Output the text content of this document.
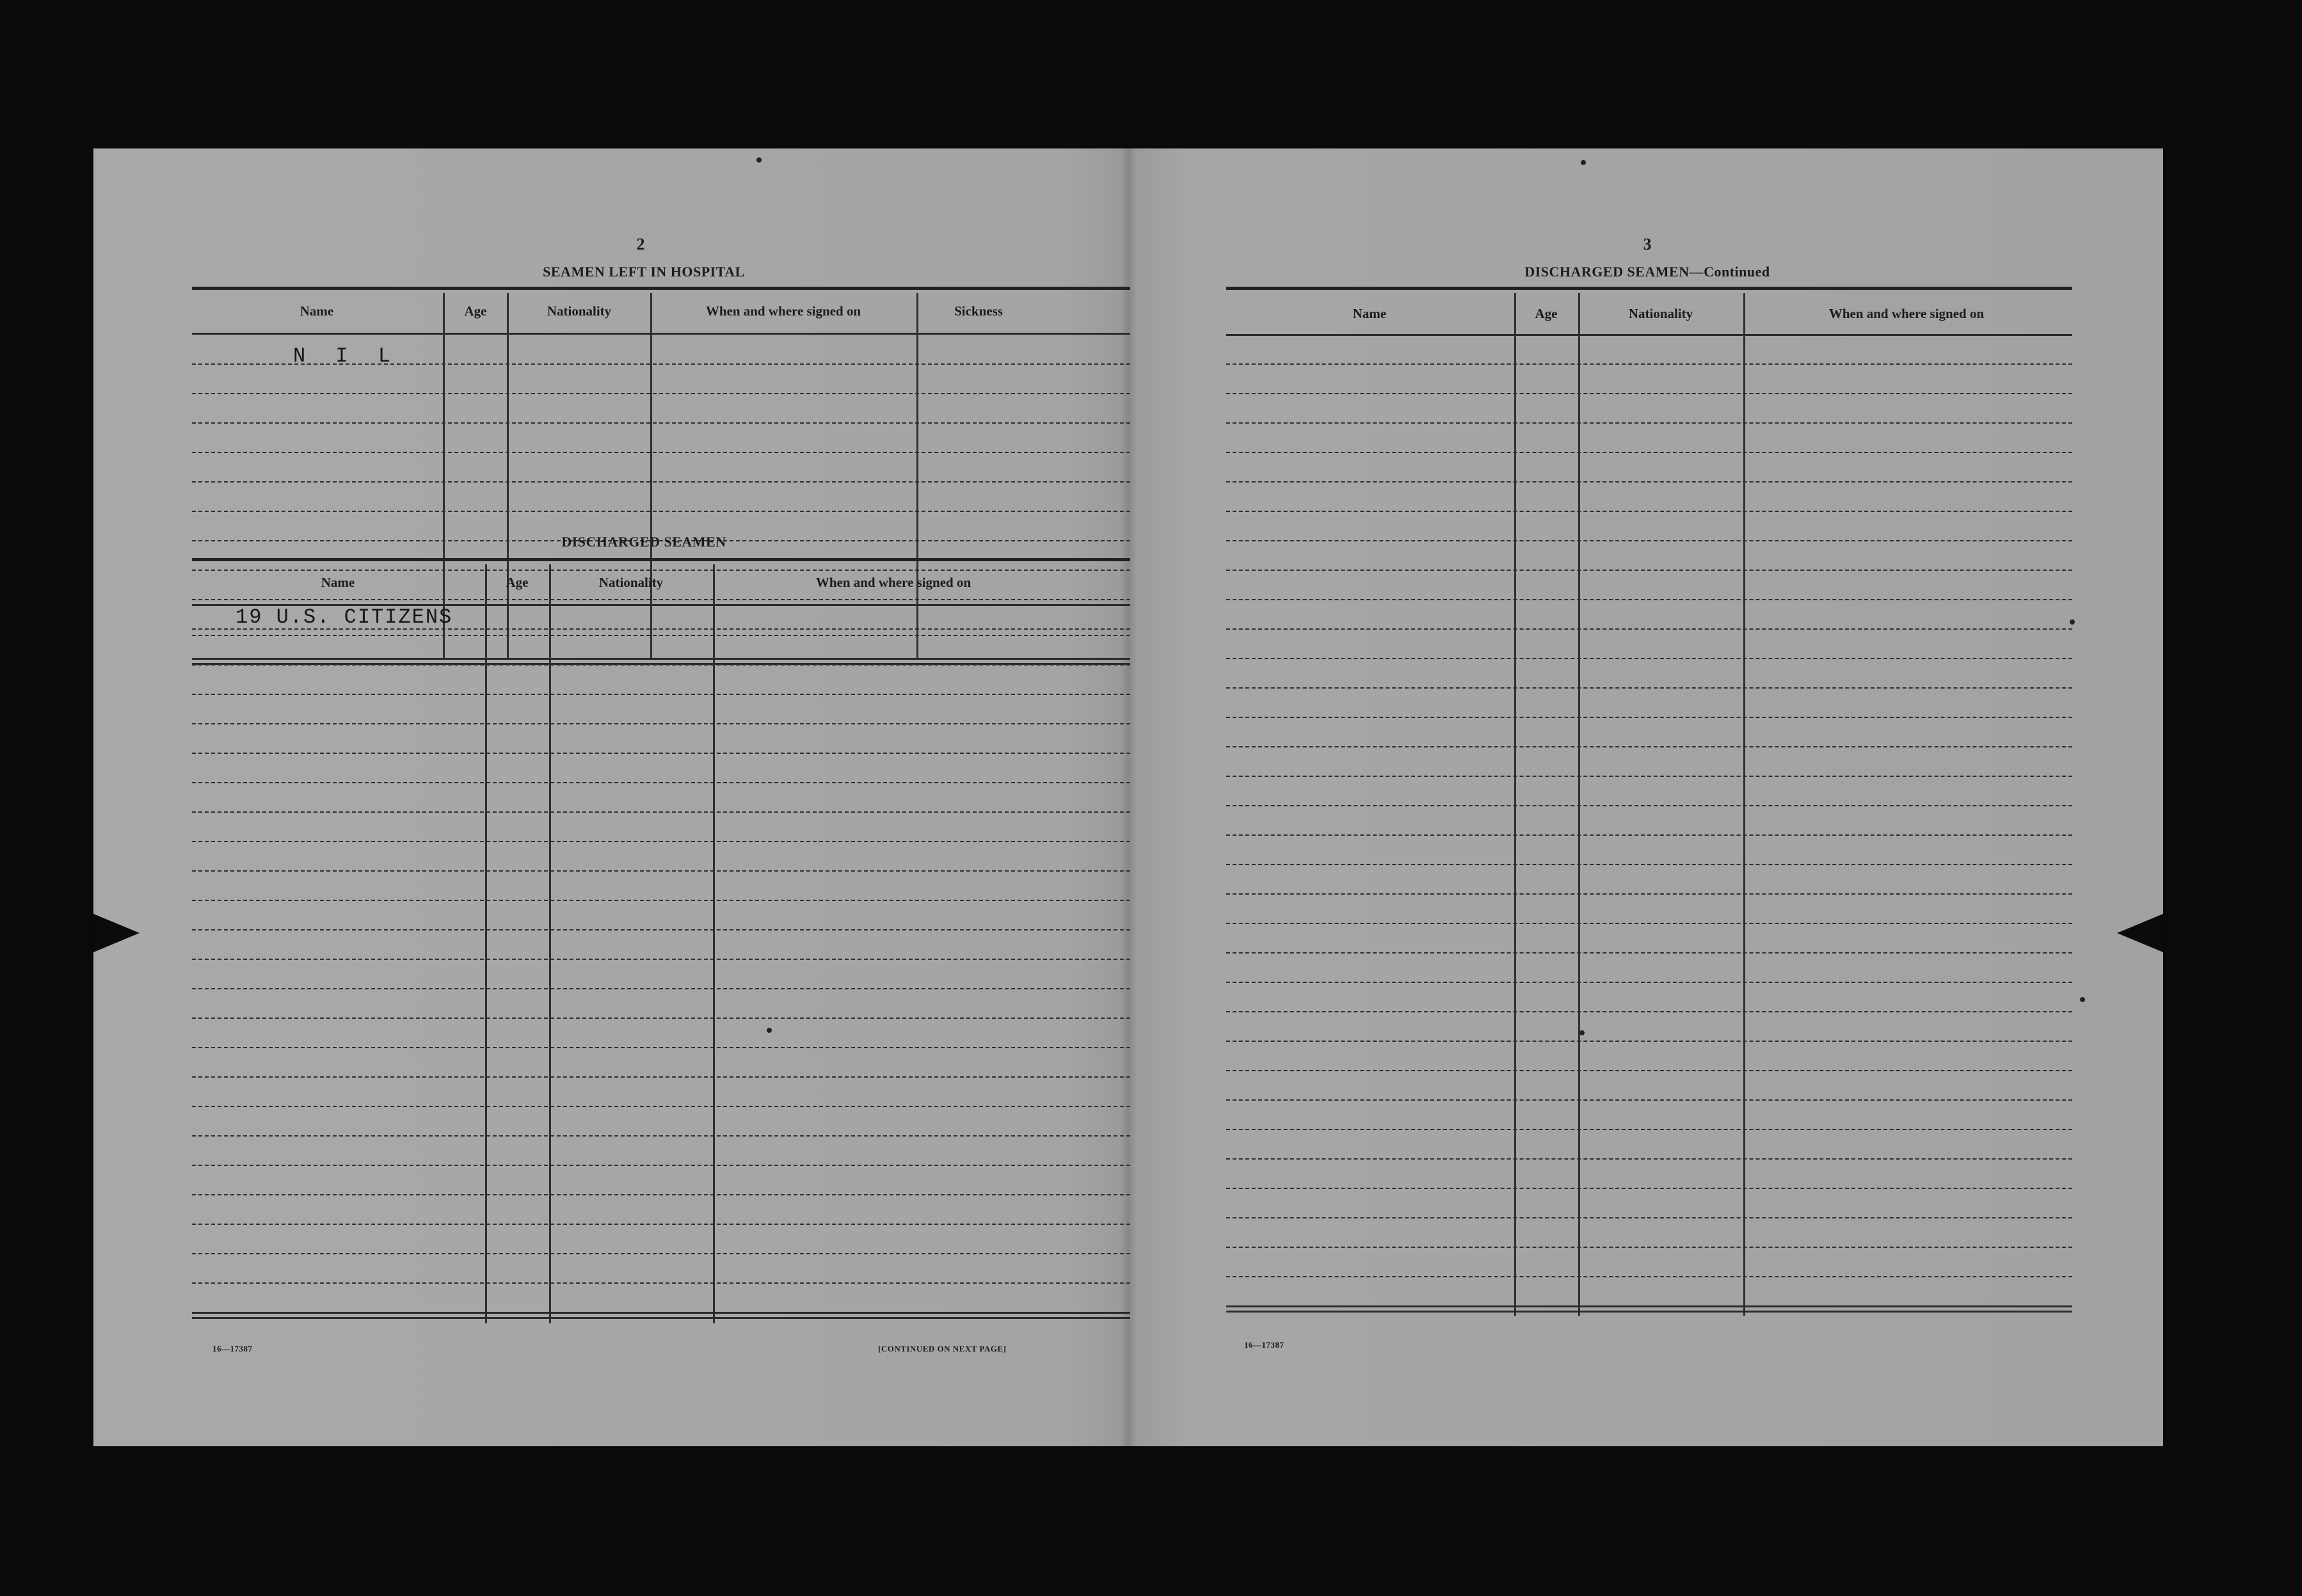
2
SEAMEN LEFT IN HOSPITAL
Name	Age	Nationality	When and where signed on	Sickness
N I L
DISCHARGED SEAMEN
Name	Age	Nationality	When and where signed on
19 U.S. CITIZENS
16—17387	[CONTINUED ON NEXT PAGE]
3
DISCHARGED SEAMEN—Continued
Name	Age	Nationality	When and where signed on
16—17387
